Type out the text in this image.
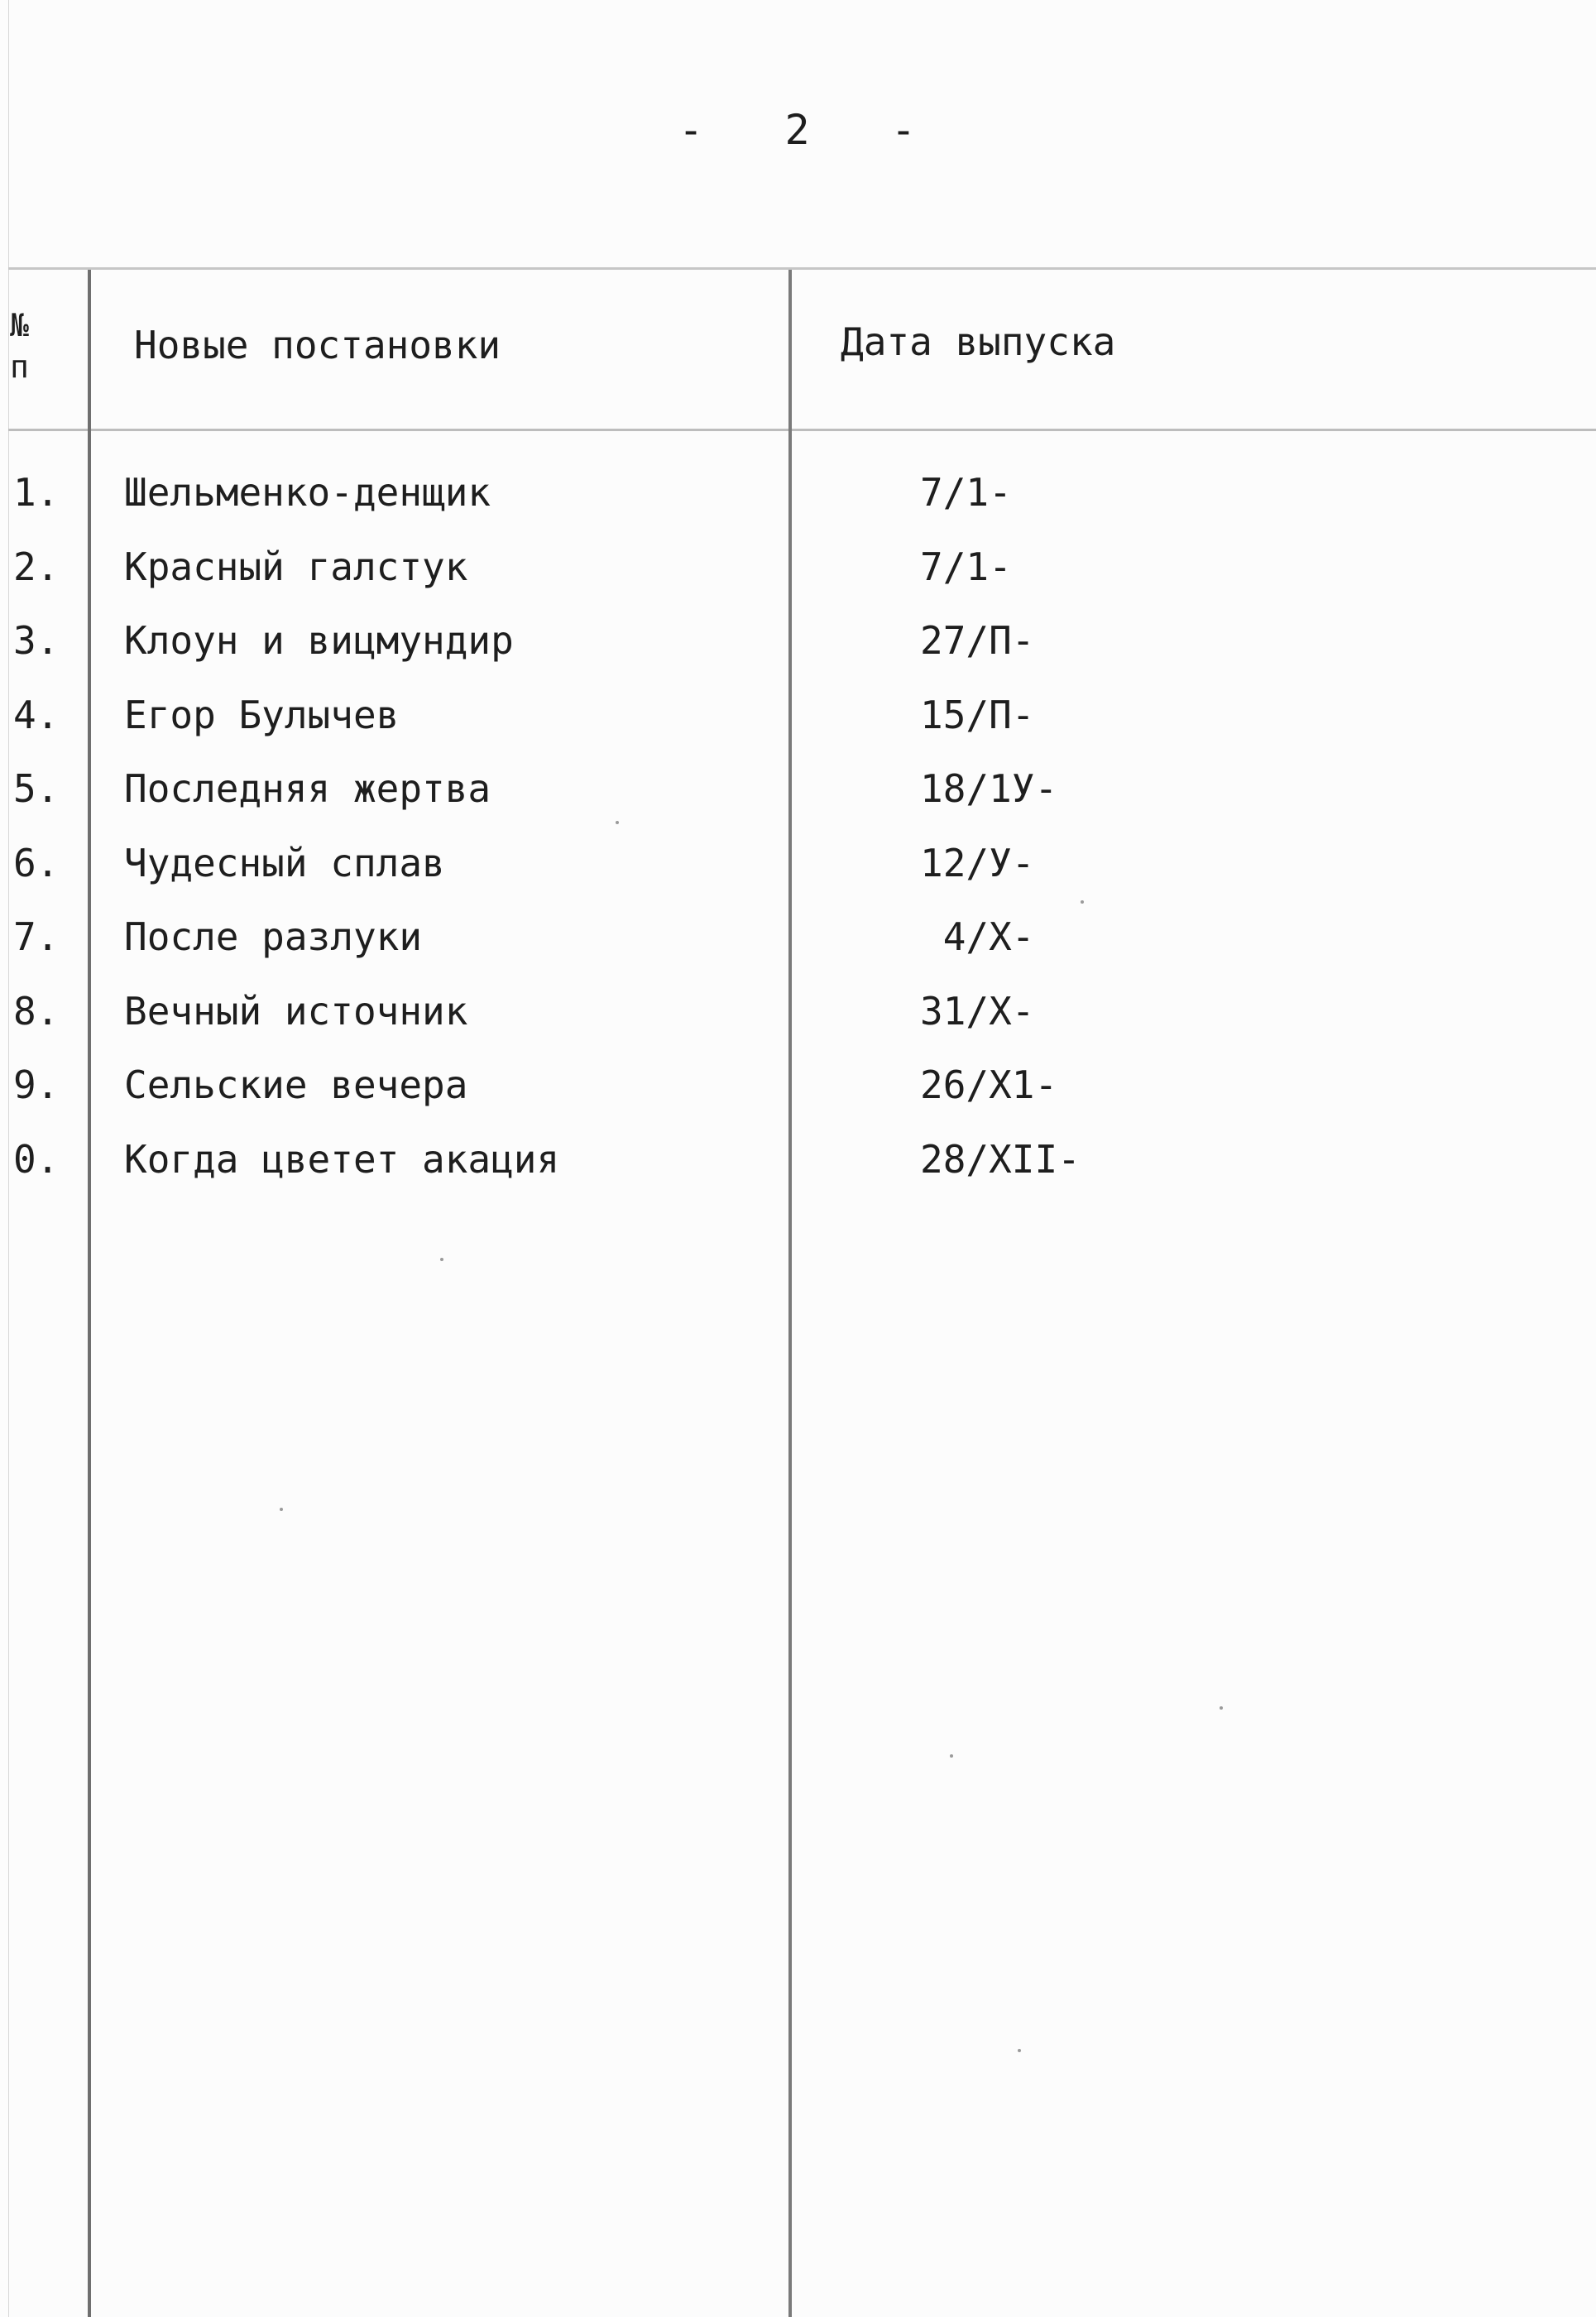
-   2   -
№
п	Новые постановки	Дата выпуска
1. Шельменко-денщик	7/1-
2. Красный галстук	7/1-
3. Клоун и вицмундир	27/П-
4. Егор Булычев	15/П-
5. Последняя жертва	18/1У-
6. Чудесный сплав	12/У-
7. После разлуки	4/Х-
8. Вечный источник	31/Х-
9. Сельские вечера	26/Х1-
0. Когда цветет акация	28/ХII-
